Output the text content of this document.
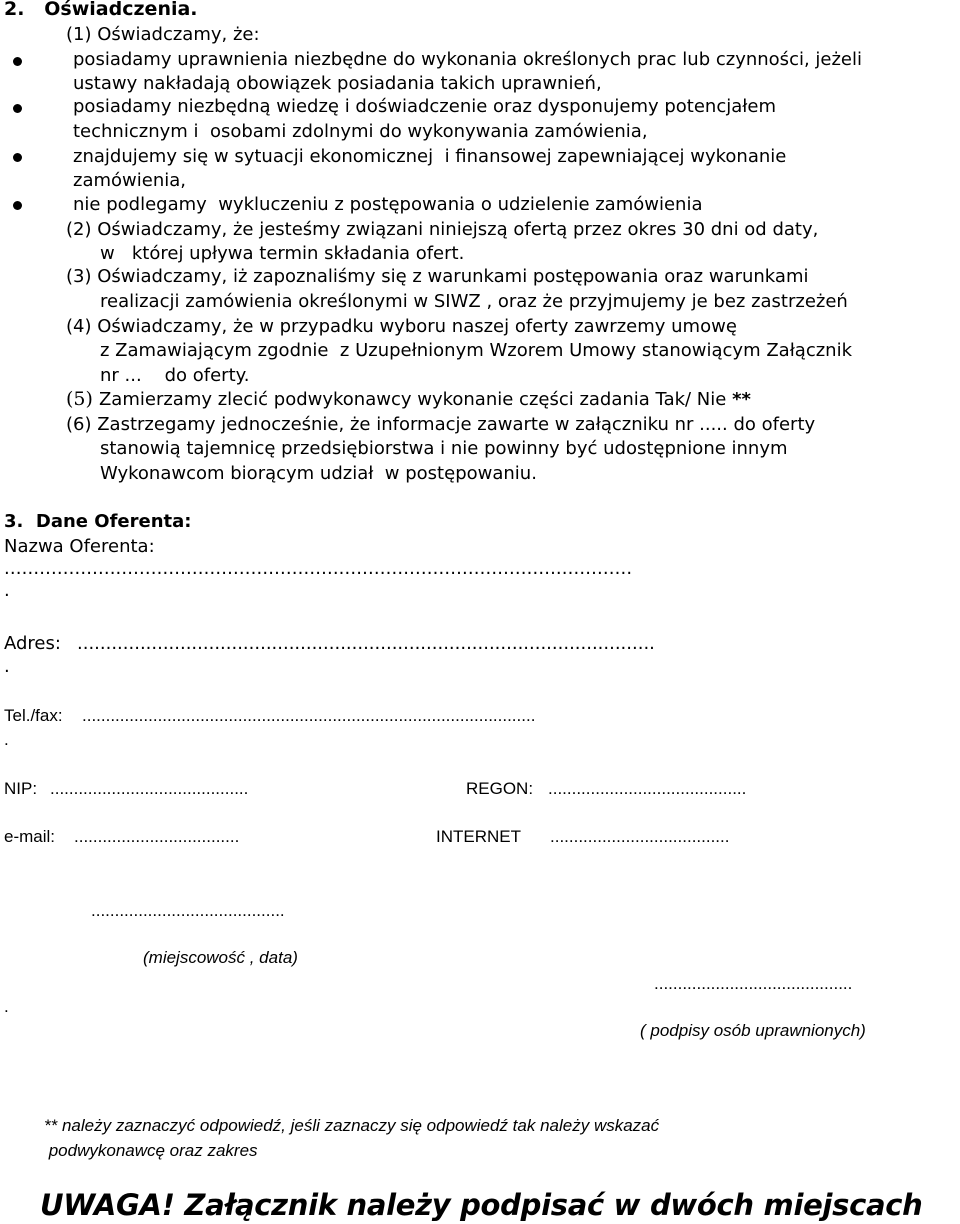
2.   Oświadczenia.
(1) Oświadczamy, że:
posiadamy uprawnienia niezbędne do wykonania określonych prac lub czynności, jeżeli
ustawy nakładają obowiązek posiadania takich uprawnień,
posiadamy niezbędną wiedzę i doświadczenie oraz dysponujemy potencjałem
technicznym i  osobami zdolnymi do wykonywania zamówienia,
znajdujemy się w sytuacji ekonomicznej  i finansowej zapewniającej wykonanie
zamówienia,
nie podlegamy  wykluczeniu z postępowania o udzielenie zamówienia
(2) Oświadczamy, że jesteśmy związani niniejszą ofertą przez okres 30 dni od daty,
w   której upływa termin składania ofert.
(3) Oświadczamy, iż zapoznaliśmy się z warunkami postępowania oraz warunkami
realizacji zamówienia określonymi w SIWZ , oraz że przyjmujemy je bez zastrzeżeń
(4) Oświadczamy, że w przypadku wyboru naszej oferty zawrzemy umowę
z Zamawiającym zgodnie  z Uzupełnionym Wzorem Umowy stanowiącym Załącznik
nr ...    do oferty.
(5) Zamierzamy zlecić podwykonawcy wykonanie części zadania Tak/ Nie **
(6) Zastrzegamy jednocześnie, że informacje zawarte w załączniku nr ..... do oferty
stanowią tajemnicę przedsiębiorstwa i nie powinny być udostępnione innym
Wykonawcom biorącym udział  w postępowaniu.
3.  Dane Oferenta:
Nazwa Oferenta:
...........................................................................................................
.
Adres: .....................................................................................................
.
Tel./fax: ................................................................................................
.
NIP: ..........................................	REGON: ..........................................
e-mail: ...................................	INTERNET ......................................
.........................................
(miejscowość , data)
.
..........................................
( podpisy osób uprawnionych)
** należy zaznaczyć odpowiedź, jeśli zaznaczy się odpowiedź tak należy wskazać
podwykonawcę oraz zakres
UWAGA! Załącznik należy podpisać w dwóch miejscach
